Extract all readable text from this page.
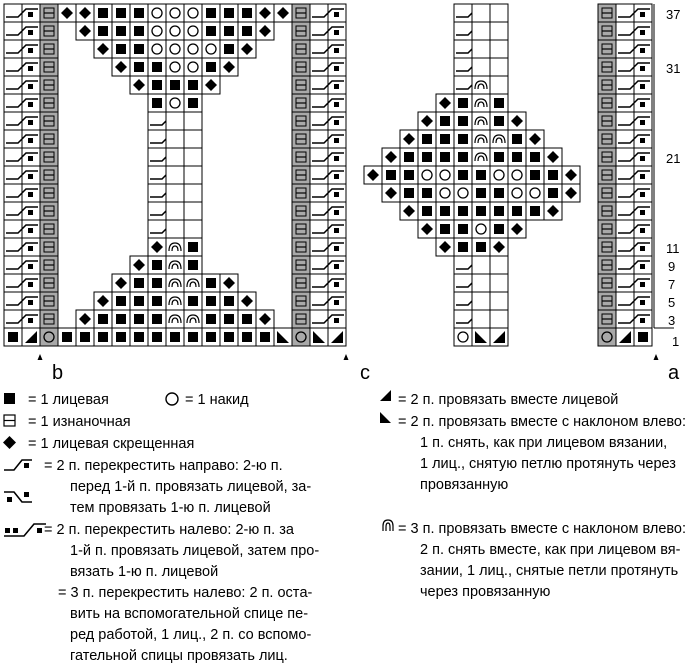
37
31
21
11
9
7
5
3
1
b	c	a
= 1 лицевая	= 1 накид
= 1 изнаночная
= 1 лицевая скрещенная
= 2 п. перекрестить направо: 2-ю п.
перед 1-й п. провязать лицевой, за-
тем провязать 1-ю п. лицевой
= 2 п. перекрестить налево: 2-ю п. за
1-й п. провязать лицевой, затем про-
вязать 1-ю п. лицевой
= 3 п. перекрестить налево: 2 п. остa-
вить на вспомогательной спице пе-
ред работой, 1 лиц., 2 п. со вспомо-
гательной спицы провязать лиц.
= 2 п. провязать вместе лицевой
= 2 п. провязать вместе с наклоном влево:
1 п. снять, как при лицевом вязании,
1 лиц., снятую петлю протянуть через
провязанную
= 3 п. провязать вместе с наклоном влево:
2 п. снять вместе, как при лицевом вя-
зании, 1 лиц., снятые петли протянуть
через провязанную
